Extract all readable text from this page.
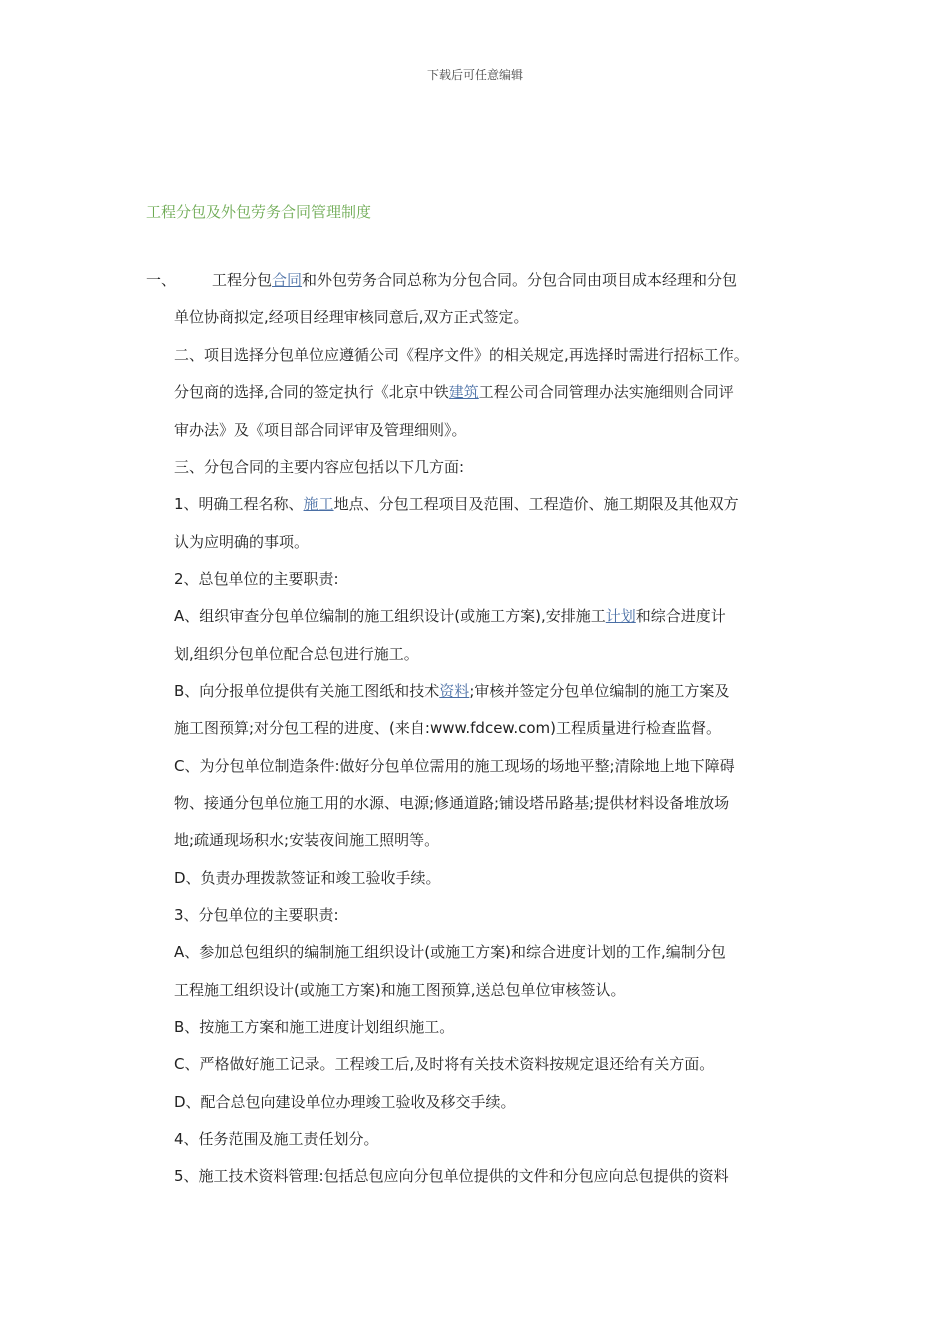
下载后可任意编辑
工程分包及外包劳务合同管理制度
一、 工程分包合同和外包劳务合同总称为分包合同。分包合同由项目成本经理和分包
单位协商拟定,经项目经理审核同意后,双方正式签定。
二、项目选择分包单位应遵循公司《程序文件》的相关规定,再选择时需进行招标工作。
分包商的选择,合同的签定执行《北京中铁建筑工程公司合同管理办法实施细则合同评
审办法》及《项目部合同评审及管理细则》。
三、分包合同的主要内容应包括以下几方面:
1、明确工程名称、施工地点、分包工程项目及范围、工程造价、施工期限及其他双方
认为应明确的事项。
2、总包单位的主要职责:
A、组织审查分包单位编制的施工组织设计(或施工方案),安排施工计划和综合进度计
划,组织分包单位配合总包进行施工。
B、向分报单位提供有关施工图纸和技术资料;审核并签定分包单位编制的施工方案及
施工图预算;对分包工程的进度、(来自:www.fdcew.com)工程质量进行检查监督。
C、为分包单位制造条件:做好分包单位需用的施工现场的场地平整;清除地上地下障碍
物、接通分包单位施工用的水源、电源;修通道路;铺设塔吊路基;提供材料设备堆放场
地;疏通现场积水;安装夜间施工照明等。
D、负责办理拨款签证和竣工验收手续。
3、分包单位的主要职责:
A、参加总包组织的编制施工组织设计(或施工方案)和综合进度计划的工作,编制分包
工程施工组织设计(或施工方案)和施工图预算,送总包单位审核签认。
B、按施工方案和施工进度计划组织施工。
C、严格做好施工记录。工程竣工后,及时将有关技术资料按规定退还给有关方面。
D、配合总包向建设单位办理竣工验收及移交手续。
4、任务范围及施工责任划分。
5、施工技术资料管理:包括总包应向分包单位提供的文件和分包应向总包提供的资料
